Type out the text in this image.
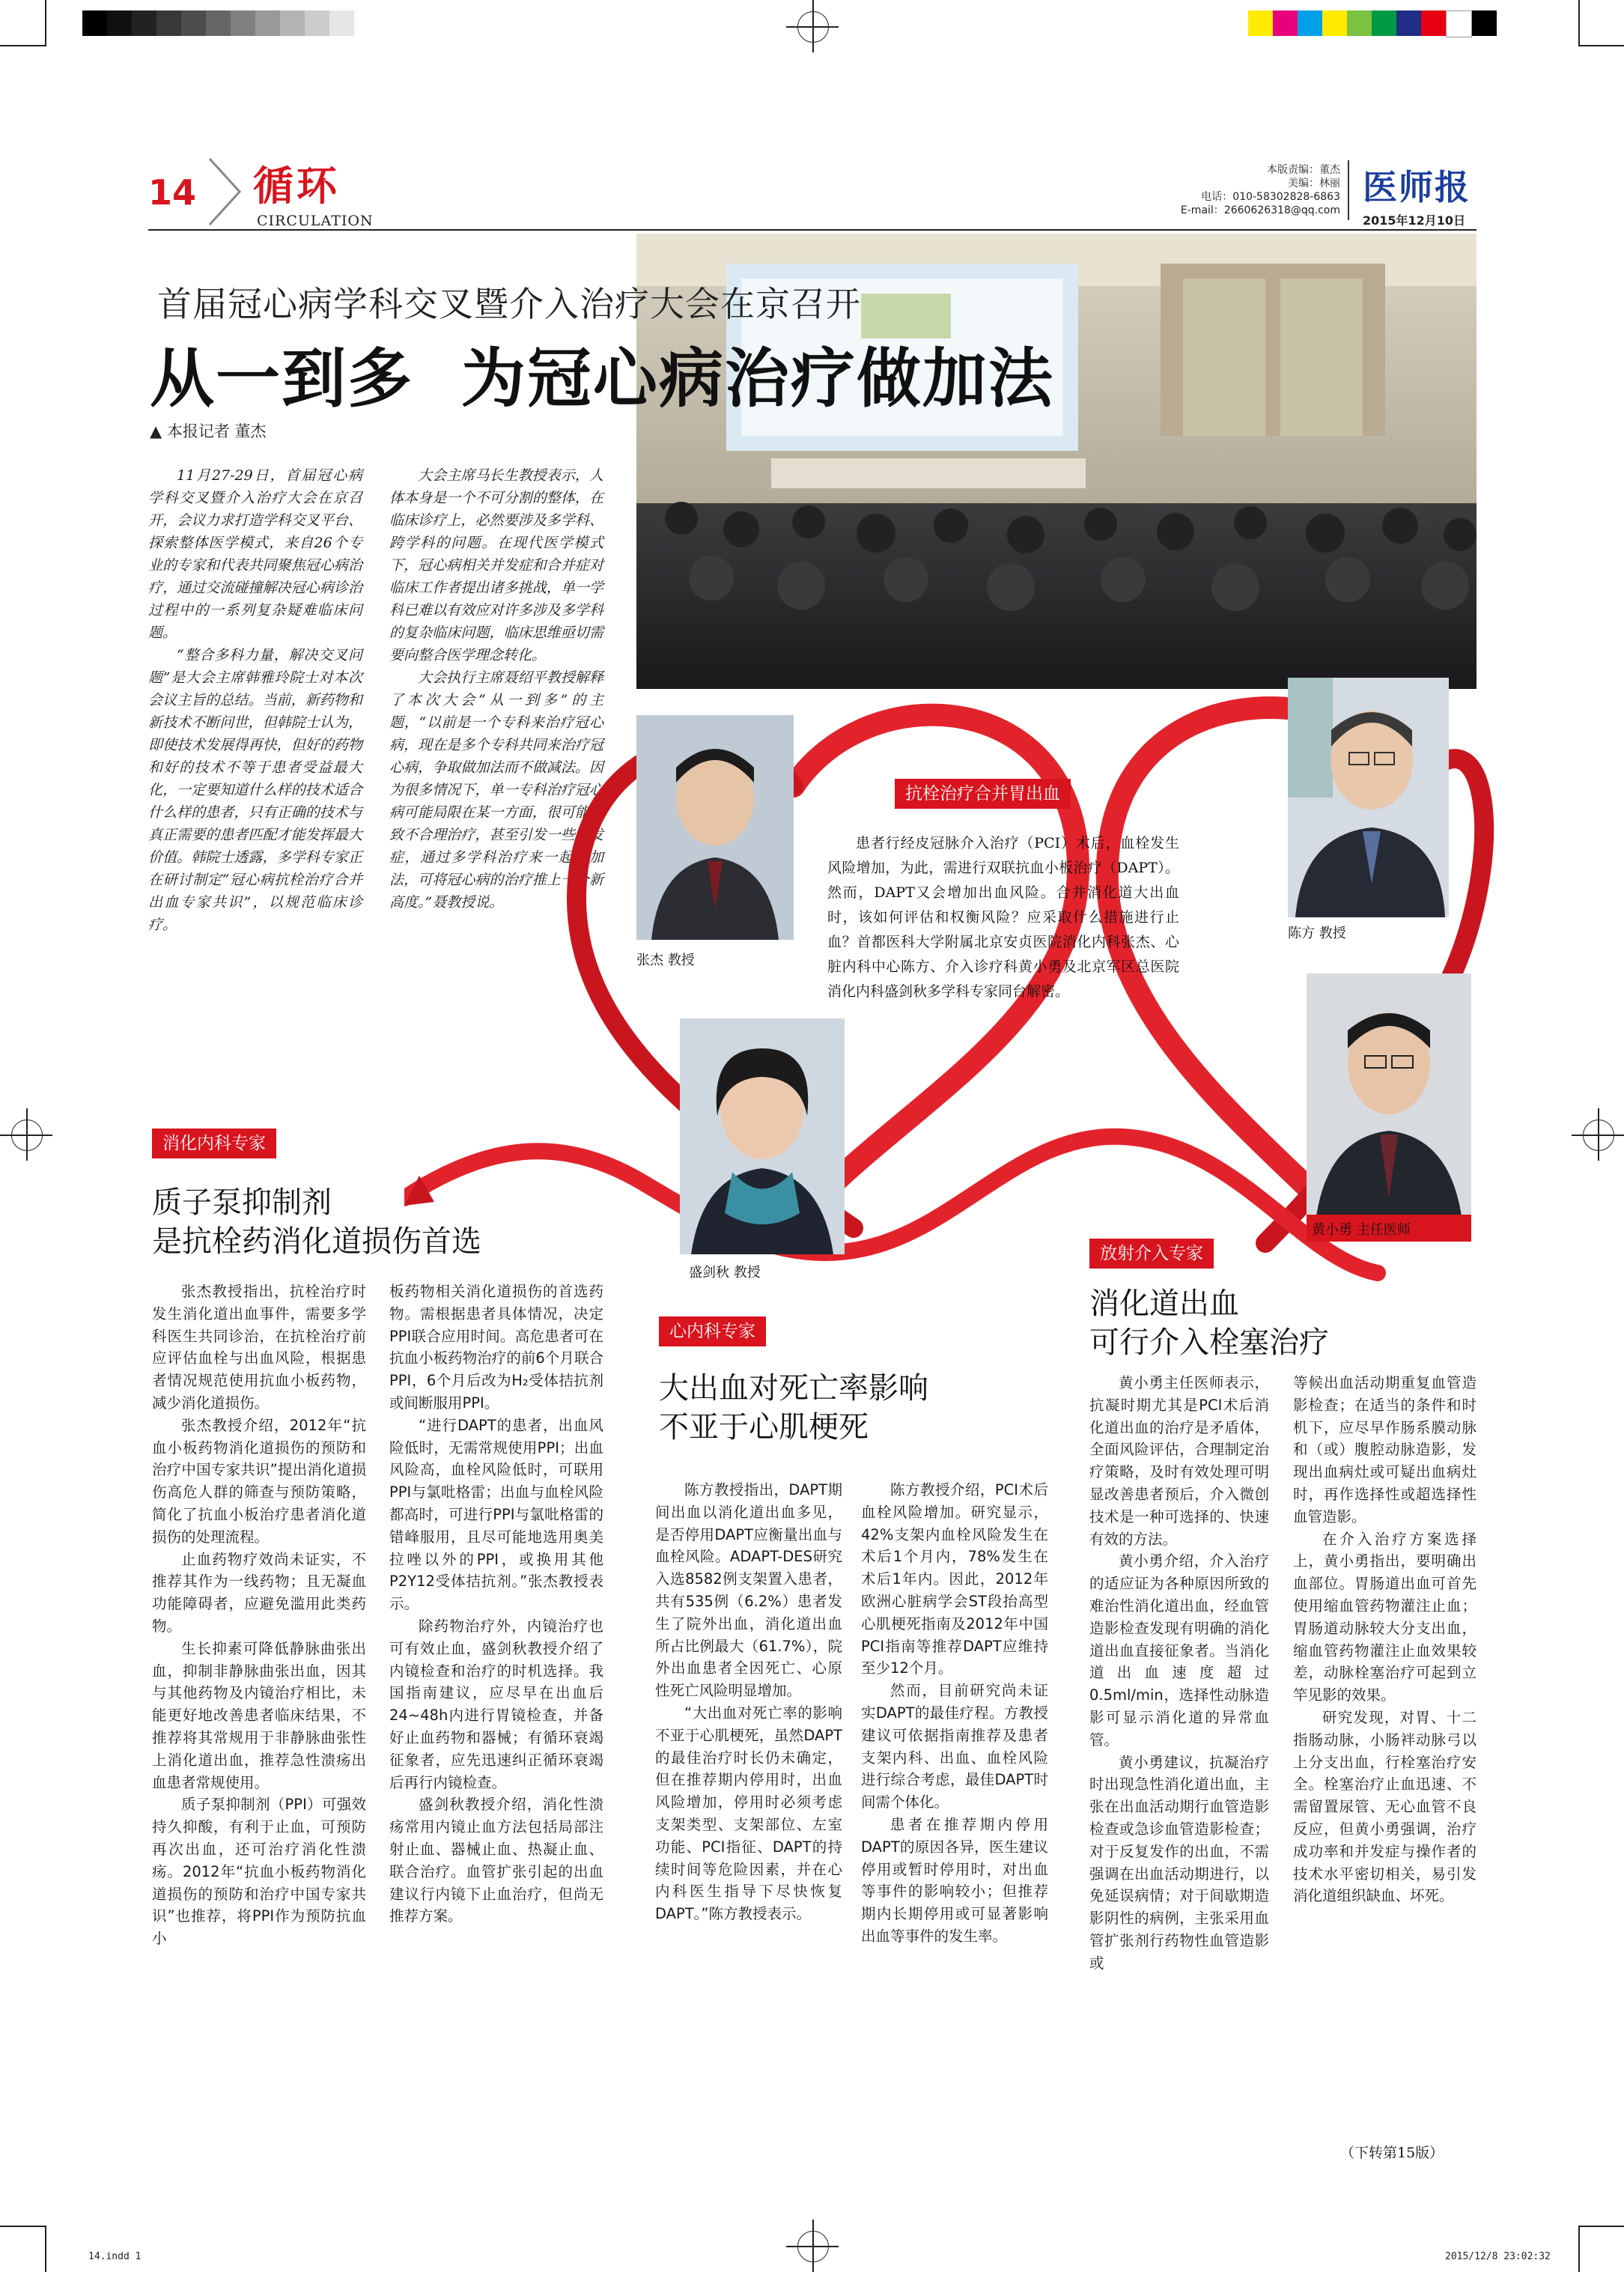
14 循环
CIRCULATION
本版责编：董杰
美编：林丽
电话：010-58302828-6863
E-mail：2660626318@qq.com
医师报
2015年12月10日
首届冠心病学科交叉暨介入治疗大会在京召开
从一到多  为冠心病治疗做加法
▲ 本报记者 董杰

11月27-29日，首届冠心病学科交叉暨介入治疗大会在京召开，会议力求打造学科交叉平台、探索整体医学模式，来自26个专业的专家和代表共同聚焦冠心病治疗，通过交流碰撞解决冠心病诊治过程中的一系列复杂疑难临床问题。

“整合多科力量，解决交叉问题”是大会主席韩雅玲院士对本次会议主旨的总结。当前，新药物和新技术不断问世，但韩院士认为，即使技术发展得再快，但好的药物和好的技术不等于患者受益最大化，一定要知道什么样的技术适合什么样的患者，只有正确的技术与真正需要的患者匹配才能发挥最大价值。韩院士透露，多学科专家正在研讨制定“冠心病抗栓治疗合并出血专家共识”，以规范临床诊疗。

大会主席马长生教授表示，人体本身是一个不可分割的整体，在临床诊疗上，必然要涉及多学科、跨学科的问题。在现代医学模式下，冠心病相关并发症和合并症对临床工作者提出诸多挑战，单一学科已难以有效应对许多涉及多学科的复杂临床问题，临床思维亟切需要向整合医学理念转化。

大会执行主席聂绍平教授解释了本次大会“从一到多”的主题，“以前是一个专科来治疗冠心病，现在是多个专科共同来治疗冠心病，争取做加法而不做减法。因为很多情况下，单一专科治疗冠心病可能局限在某一方面，很可能导致不合理治疗，甚至引发一些并发症，通过多学科治疗来一起做加法，可将冠心病的治疗推上一个新高度。”聂教授说。

抗栓治疗合并胃出血

患者行经皮冠脉介入治疗（PCI）术后，血栓发生风险增加，为此，需进行双联抗血小板治疗（DAPT）。然而，DAPT又会增加出血风险。合并消化道大出血时，该如何评估和权衡风险？应采取什么措施进行止血？首都医科大学附属北京安贞医院消化内科张杰、心脏内科中心陈方、介入诊疗科黄小勇及北京军区总医院消化内科盛剑秋多学科专家同台解密。

张杰 教授
陈方 教授
盛剑秋 教授
黄小勇 主任医师
消化内科专家
质子泵抑制剂
是抗栓药消化道损伤首选

张杰教授指出，抗栓治疗时发生消化道出血事件，需要多学科医生共同诊治，在抗栓治疗前应评估血栓与出血风险，根据患者情况规范使用抗血小板药物，减少消化道损伤。

张杰教授介绍，2012年“抗血小板药物消化道损伤的预防和治疗中国专家共识”提出消化道损伤高危人群的筛查与预防策略，简化了抗血小板治疗患者消化道损伤的处理流程。

止血药物疗效尚未证实，不推荐其作为一线药物；且无凝血功能障碍者，应避免滥用此类药物。

生长抑素可降低静脉曲张出血，抑制非静脉曲张出血，因其与其他药物及内镜治疗相比，未能更好地改善患者临床结果，不推荐将其常规用于非静脉曲张性上消化道出血，推荐急性溃疡出血患者常规使用。

质子泵抑制剂（PPI）可强效持久抑酸，有利于止血，可预防再次出血，还可治疗消化性溃疡。2012年“抗血小板药物消化道损伤的预防和治疗中国专家共识”也推荐，将PPI作为预防抗血小

板药物相关消化道损伤的首选药物。需根据患者具体情况，决定PPI联合应用时间。高危患者可在抗血小板药物治疗的前6个月联合PPI，6个月后改为H₂受体拮抗剂或间断服用PPI。

“进行DAPT的患者，出血风险低时，无需常规使用PPI；出血风险高，血栓风险低时，可联用PPI与氯吡格雷；出血与血栓风险都高时，可进行PPI与氯吡格雷的错峰服用，且尽可能地选用奥美拉唑以外的PPI，或换用其他P2Y12受体拮抗剂。”张杰教授表示。

除药物治疗外，内镜治疗也可有效止血，盛剑秋教授介绍了内镜检查和治疗的时机选择。我国指南建议，应尽早在出血后24~48h内进行胃镜检查，并备好止血药物和器械；有循环衰竭征象者，应先迅速纠正循环衰竭后再行内镜检查。

盛剑秋教授介绍，消化性溃疡常用内镜止血方法包括局部注射止血、器械止血、热凝止血、联合治疗。血管扩张引起的出血建议行内镜下止血治疗，但尚无推荐方案。

心内科专家
大出血对死亡率影响
不亚于心肌梗死

陈方教授指出，DAPT期间出血以消化道出血多见，是否停用DAPT应衡量出血与血栓风险。ADAPT-DES研究入选8582例支架置入患者，共有535例（6.2%）患者发生了院外出血，消化道出血所占比例最大（61.7%），院外出血患者全因死亡、心原性死亡风险明显增加。

“大出血对死亡率的影响不亚于心肌梗死，虽然DAPT的最佳治疗时长仍未确定，但在推荐期内停用时，出血风险增加，停用时必须考虑支架类型、支架部位、左室功能、PCI指征、DAPT的持续时间等危险因素，并在心内科医生指导下尽快恢复DAPT。”陈方教授表示。

陈方教授介绍，PCI术后血栓风险增加。研究显示，42%支架内血栓风险发生在术后1个月内，78%发生在术后1年内。因此，2012年欧洲心脏病学会ST段抬高型心肌梗死指南及2012年中国PCI指南等推荐DAPT应维持至少12个月。

然而，目前研究尚未证实DAPT的最佳疗程。方教授建议可依据指南推荐及患者支架内科、出血、血栓风险进行综合考虑，最佳DAPT时间需个体化。

患者在推荐期内停用DAPT的原因各异，医生建议停用或暂时停用时，对出血等事件的影响较小；但推荐期内长期停用或可显著影响出血等事件的发生率。

放射介入专家
消化道出血
可行介入栓塞治疗

黄小勇主任医师表示，抗凝时期尤其是PCI术后消化道出血的治疗是矛盾体，全面风险评估，合理制定治疗策略，及时有效处理可明显改善患者预后，介入微创技术是一种可选择的、快速有效的方法。

黄小勇介绍，介入治疗的适应证为各种原因所致的难治性消化道出血，经血管造影检查发现有明确的消化道出血直接征象者。当消化道出血速度超过0.5ml/min，选择性动脉造影可显示消化道的异常血管。

黄小勇建议，抗凝治疗时出现急性消化道出血，主张在出血活动期行血管造影检查或急诊血管造影检查；对于反复发作的出血，不需强调在出血活动期进行，以免延误病情；对于间歇期造影阴性的病例，主张采用血管扩张剂行药物性血管造影或

等候出血活动期重复血管造影检查；在适当的条件和时机下，应尽早作肠系膜动脉和（或）腹腔动脉造影，发现出血病灶或可疑出血病灶时，再作选择性或超选择性血管造影。

在介入治疗方案选择上，黄小勇指出，要明确出血部位。胃肠道出血可首先使用缩血管药物灌注止血；胃肠道动脉较大分支出血，缩血管药物灌注止血效果较差，动脉栓塞治疗可起到立竿见影的效果。

研究发现，对胃、十二指肠动脉，小肠袢动脉弓以上分支出血，行栓塞治疗安全。栓塞治疗止血迅速、不需留置尿管、无心血管不良反应，但黄小勇强调，治疗成功率和并发症与操作者的技术水平密切相关，易引发消化道组织缺血、坏死。

（下转第15版）
14.indd 1	2015/12/8 23:02:32
